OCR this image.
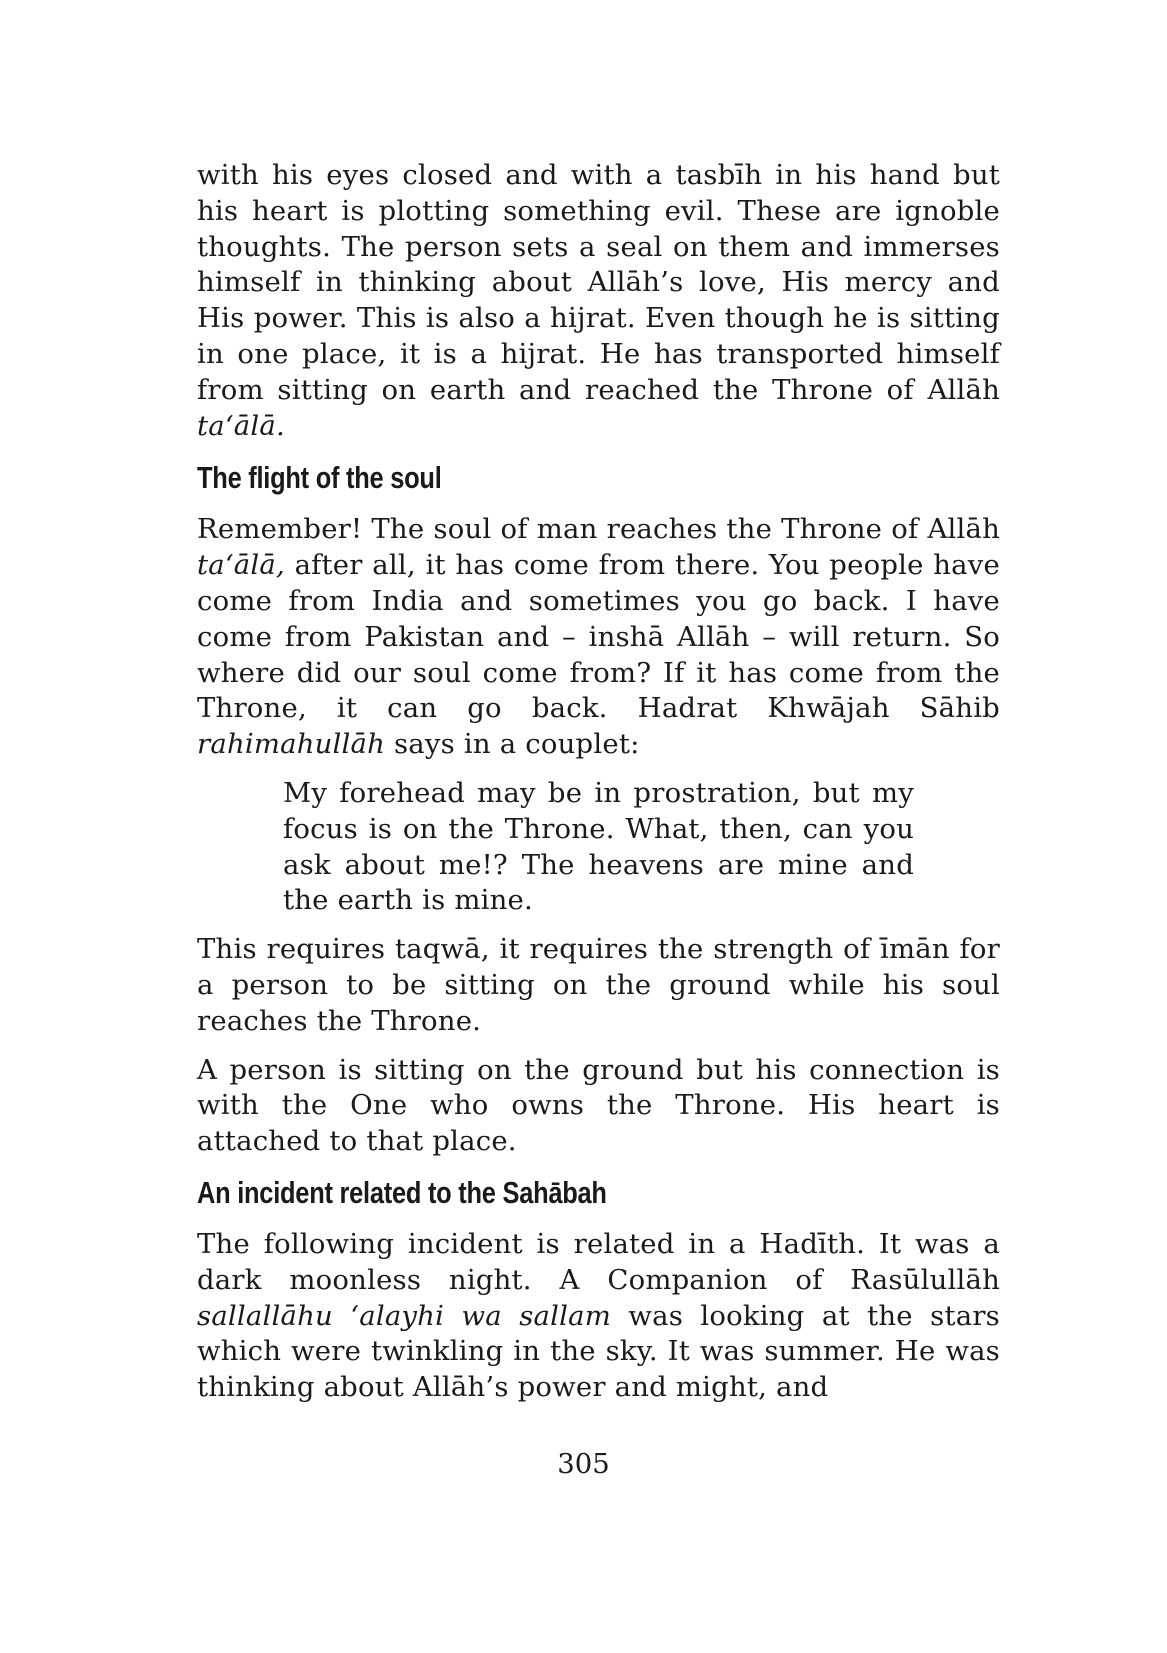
with his eyes closed and with a tasbīh in his hand but his heart is plotting something evil. These are ignoble thoughts. The person sets a seal on them and immerses himself in thinking about Allāh’s love, His mercy and His power. This is also a hijrat. Even though he is sitting in one place, it is a hijrat. He has transported himself from sitting on earth and reached the Throne of Allāh ta‘ālā.

The flight of the soul

Remember! The soul of man reaches the Throne of Allāh ta‘ālā, after all, it has come from there. You people have come from India and sometimes you go back. I have come from Pakistan and – inshā Allāh – will return. So where did our soul come from? If it has come from the Throne, it can go back. Hadrat Khwājah Sāhib rahimahullāh says in a couplet:

My forehead may be in prostration, but my focus is on the Throne. What, then, can you ask about me!? The heavens are mine and the earth is mine.

This requires taqwā, it requires the strength of īmān for a person to be sitting on the ground while his soul reaches the Throne.

A person is sitting on the ground but his connection is with the One who owns the Throne. His heart is attached to that place.

An incident related to the Sahābah

The following incident is related in a Hadīth. It was a dark moonless night. A Companion of Rasūlullāh sallallāhu ‘alayhi wa sallam was looking at the stars which were twinkling in the sky. It was summer. He was thinking about Allāh’s power and might, and

305
